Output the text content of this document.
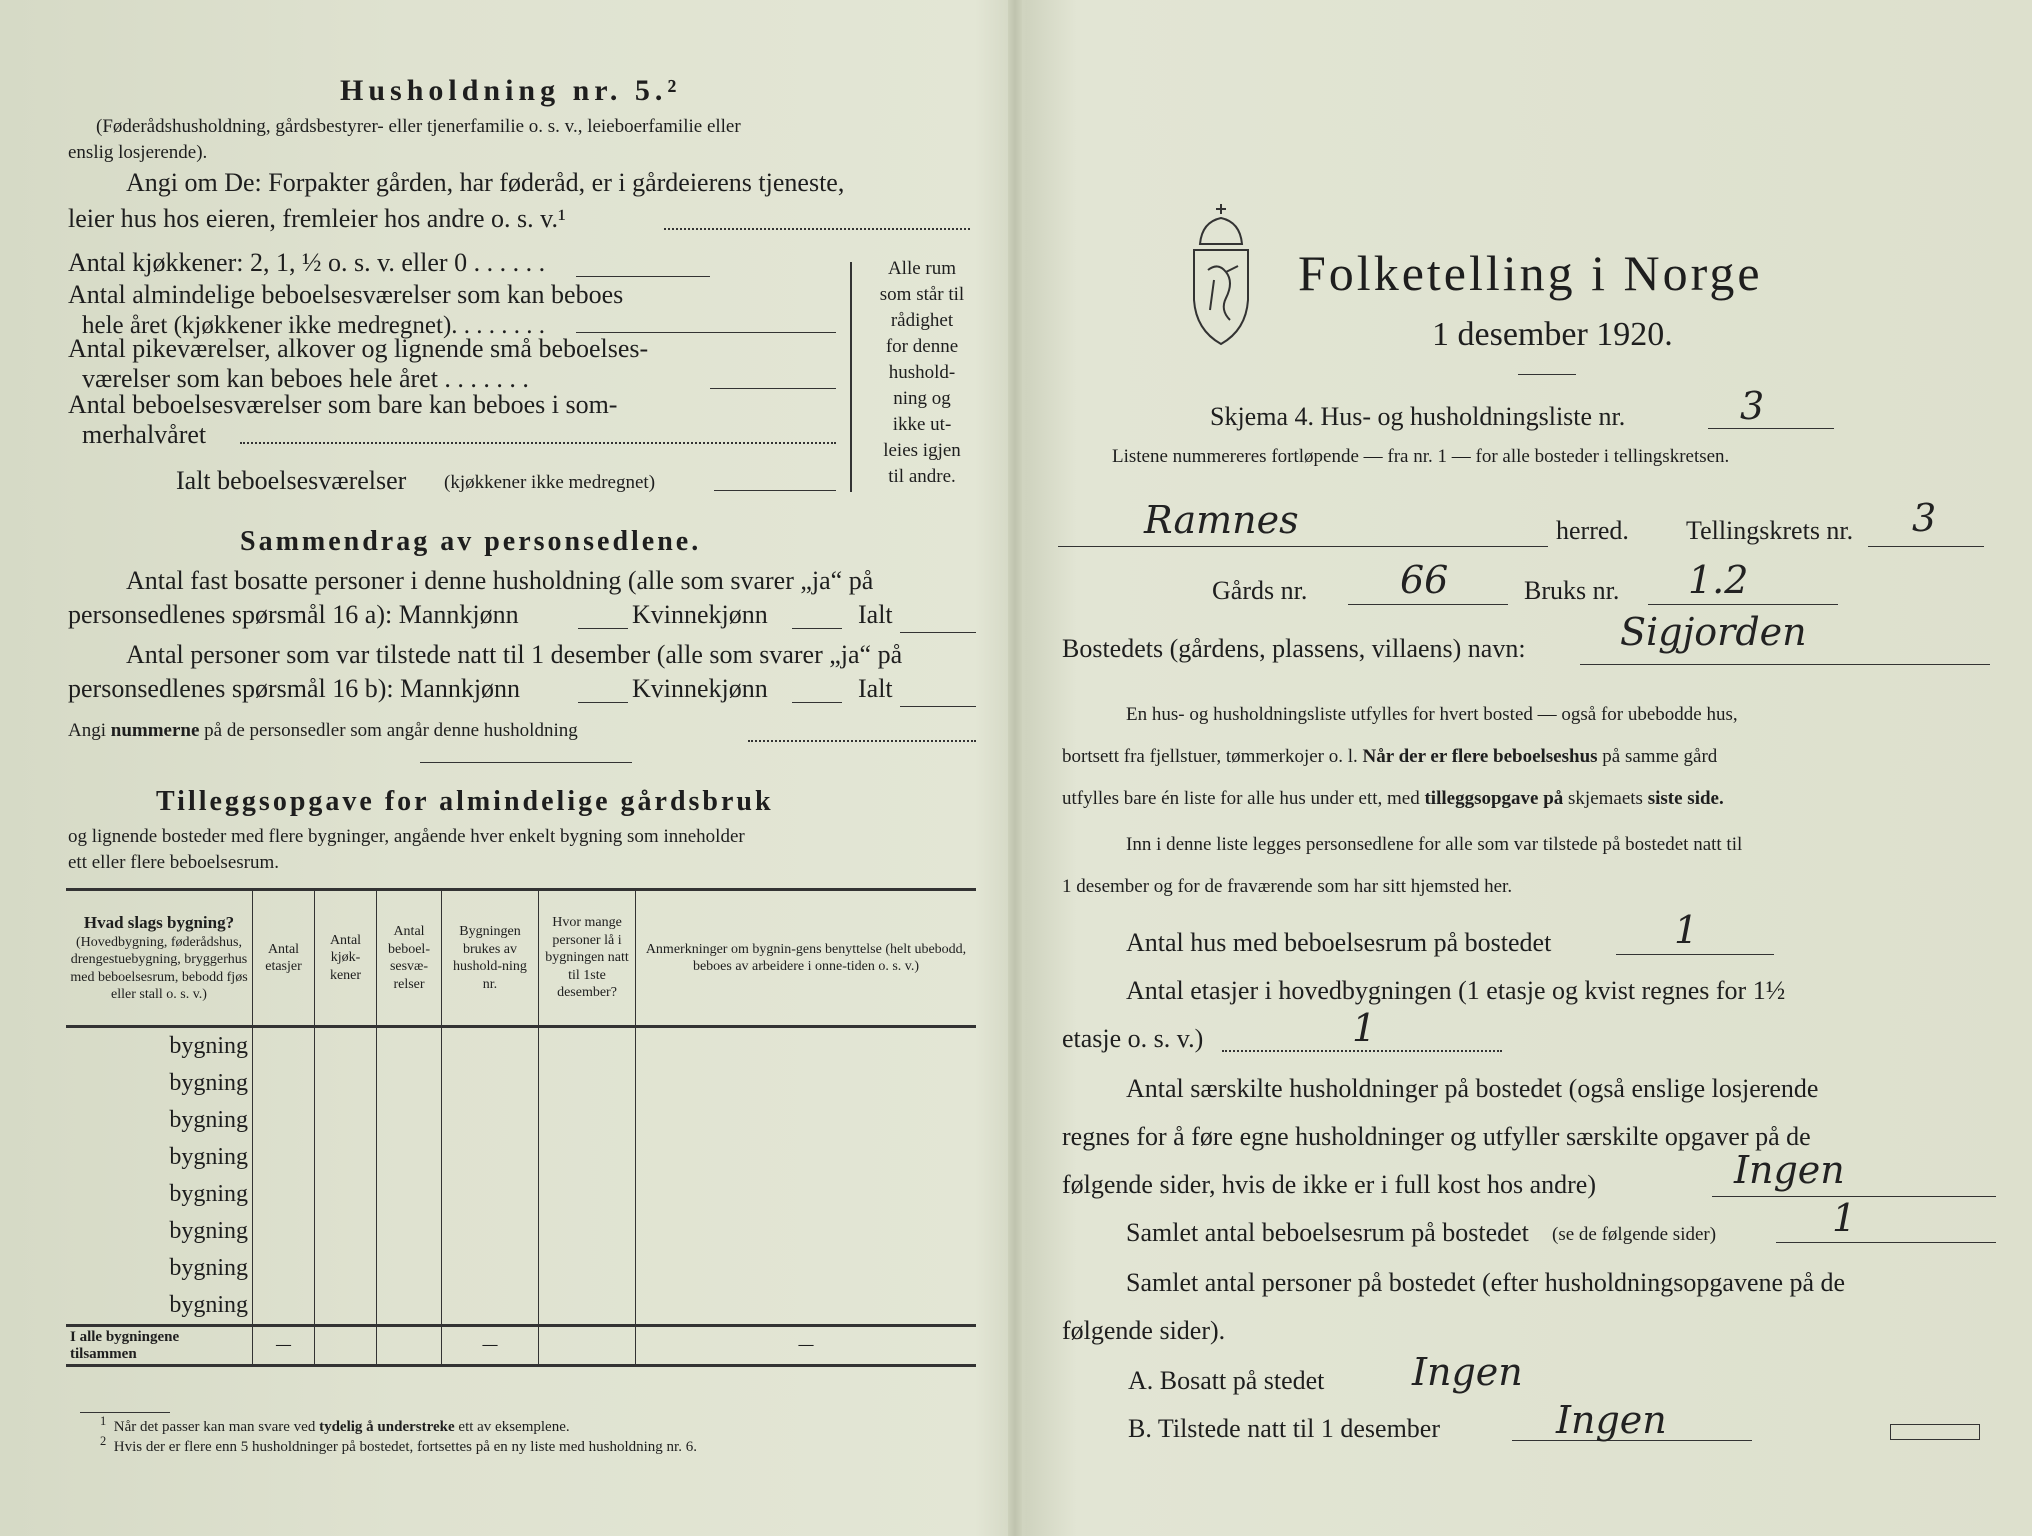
Husholdning nr. 5.²
(Føderådshusholdning, gårdsbestyrer- eller tjenerfamilie o. s. v., leieboerfamilie eller
enslig losjerende).
Angi om De: Forpakter gården, har føderåd, er i gårdeierens tjeneste,
leier hus hos eieren, fremleier hos andre o. s. v.¹
Antal kjøkkener: 2, 1, ½ o. s. v. eller 0 . . . . . .
Antal almindelige beboelsesværelser som kan beboes
hele året (kjøkkener ikke medregnet). . . . . . . .
Antal pikeværelser, alkover og lignende små beboelses-
værelser som kan beboes hele året . . . . . . .
Antal beboelsesværelser som bare kan beboes i som-
merhalvåret
Ialt beboelsesværelser (kjøkkener ikke medregnet)
Alle rum
som står til
rådighet
for denne
hushold-
ning og
ikke ut-
leies igjen
til andre.
Sammendrag av personsedlene.
Antal fast bosatte personer i denne husholdning (alle som svarer „ja“ på
personsedlenes spørsmål 16 a): Mannkjønn	Kvinnekjønn	Ialt
Antal personer som var tilstede natt til 1 desember (alle som svarer „ja“ på
personsedlenes spørsmål 16 b): Mannkjønn	Kvinnekjønn	Ialt
Angi nummerne på de personsedler som angår denne husholdning
Tilleggsopgave for almindelige gårdsbruk
og lignende bosteder med flere bygninger, angående hver enkelt bygning som inneholder
ett eller flere beboelsesrum.
Hvad slags bygning?
(Hovedbygning, føderådshus, drengestuebygning, bryggerhus med beboelsesrum, bebodd fjøs eller stall o. s. v.)	Antal etasjer	Antal kjøk-kener	Antal beboel-sesvæ-relser	Bygningen brukes av hushold-ning nr.	Hvor mange personer lå i bygningen natt til 1ste desember?	Anmerkninger om bygnin-gens benyttelse (helt ubebodd, beboes av arbeidere i onne-tiden o. s. v.)
bygning						
bygning						
bygning						
bygning						
bygning						
bygning						
bygning						
bygning						
I alle bygningene tilsammen	—			—		—
$^1$ Når det passer kan man svare ved tydelig å understreke ett av eksemplene.
$^2$ Hvis der er flere enn 5 husholdninger på bostedet, fortsettes på en ny liste med husholdning nr. 6.
Folketelling i Norge
1 desember 1920.
Skjema 4. Hus- og husholdningsliste nr.	3
Listene nummereres fortløpende — fra nr. 1 — for alle bosteder i tellingskretsen.
Ramnes	herred. Tellingskrets nr. 3
Gårds nr. 66	Bruks nr. 1.2
Bostedets (gårdens, plassens, villaens) navn: Sigjorden
En hus- og husholdningsliste utfylles for hvert bosted — også for ubebodde hus,
bortsett fra fjellstuer, tømmerkojer o. l. Når der er flere beboelseshus på samme gård
utfylles bare én liste for alle hus under ett, med tilleggsopgave på skjemaets siste side.
Inn i denne liste legges personsedlene for alle som var tilstede på bostedet natt til
1 desember og for de fraværende som har sitt hjemsted her.
Antal hus med beboelsesrum på bostedet	1
Antal etasjer i hovedbygningen (1 etasje og kvist regnes for 1½
etasje o. s. v.)	1
Antal særskilte husholdninger på bostedet (også enslige losjerende
regnes for å føre egne husholdninger og utfyller særskilte opgaver på de
følgende sider, hvis de ikke er i full kost hos andre)	Ingen
Samlet antal beboelsesrum på bostedet (se de følgende sider)	1
Samlet antal personer på bostedet (efter husholdningsopgavene på de
følgende sider).
A. Bosatt på stedet Ingen
B. Tilstede natt til 1 desember	Ingen
